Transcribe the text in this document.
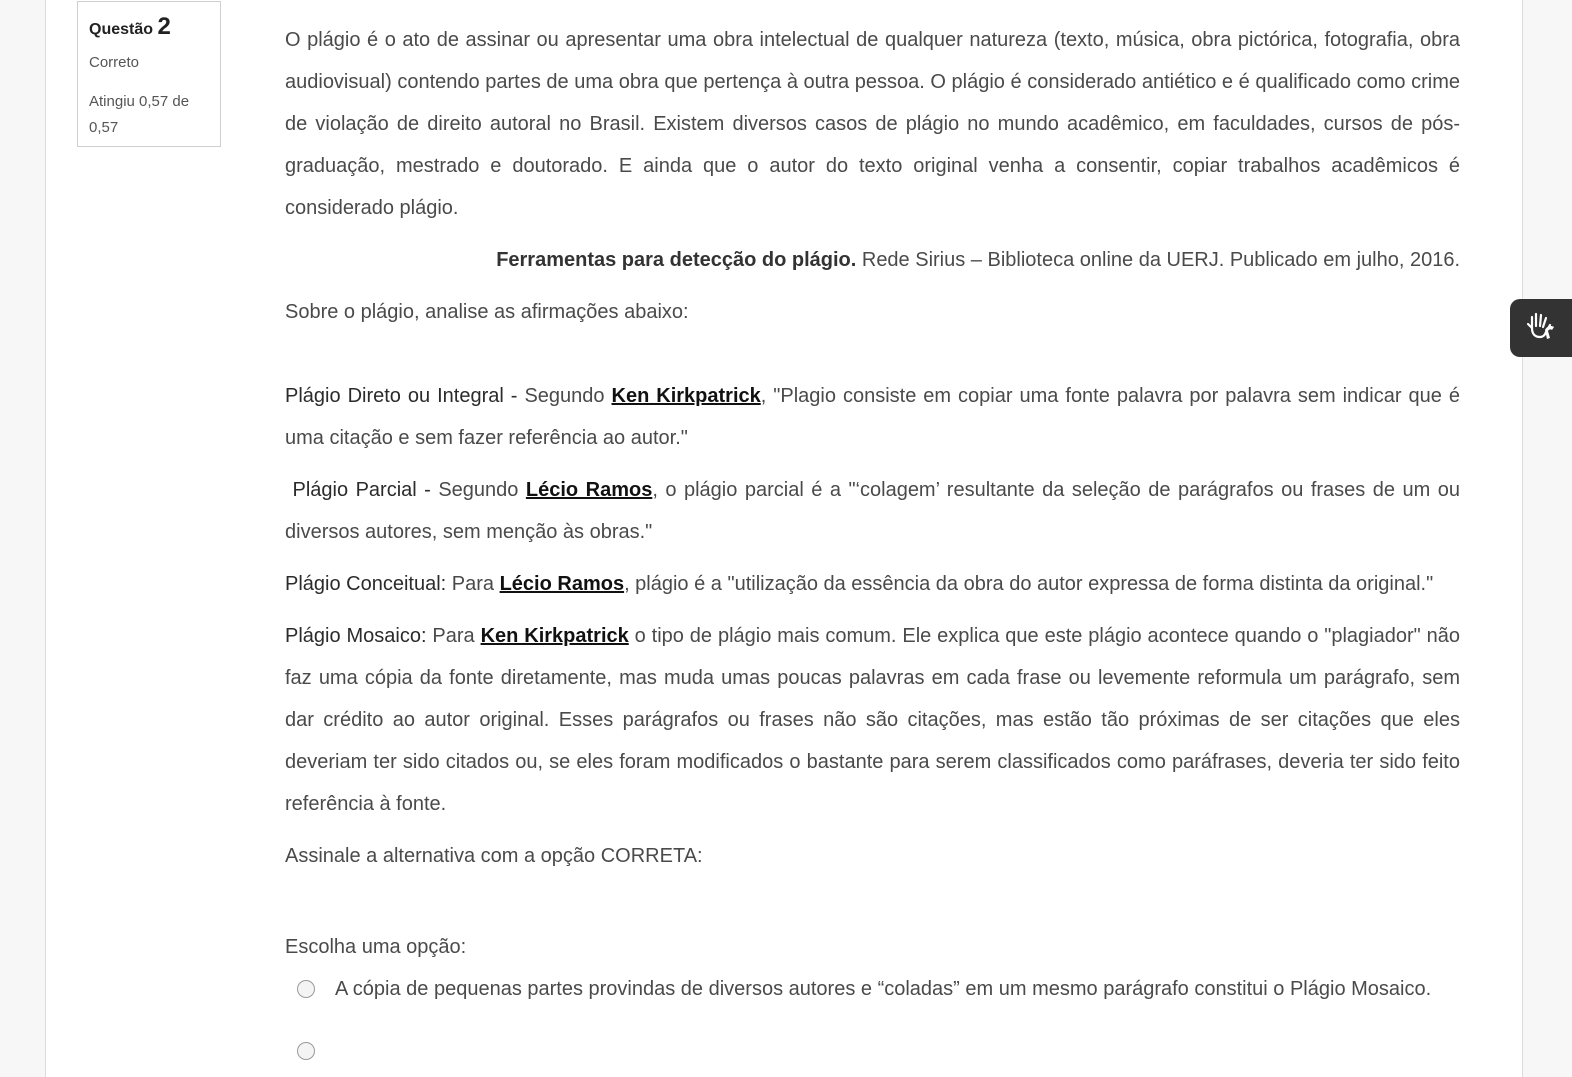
Questão 2

Correto
Atingiu 0,57 de 0,57

O plágio é o ato de assinar ou apresentar uma obra intelectual de qualquer natureza (texto, música, obra pictórica, fotografia, obra audiovisual) contendo partes de uma obra que pertença à outra pessoa. O plágio é considerado antiético e é qualificado como crime de violação de direito autoral no Brasil. Existem diversos casos de plágio no mundo acadêmico, em faculdades, cursos de pós-graduação, mestrado e doutorado. E ainda que o autor do texto original venha a consentir, copiar trabalhos acadêmicos é considerado plágio.

Ferramentas para detecção do plágio. Rede Sirius – Biblioteca online da UERJ. Publicado em julho, 2016.

Sobre o plágio, analise as afirmações abaixo:

Plágio Direto ou Integral - Segundo Ken Kirkpatrick, "Plagio consiste em copiar uma fonte palavra por palavra sem indicar que é uma citação e sem fazer referência ao autor."

Plágio Parcial - Segundo Lécio Ramos, o plágio parcial é a "‘colagem’ resultante da seleção de parágrafos ou frases de um ou diversos autores, sem menção às obras."

Plágio Conceitual: Para Lécio Ramos, plágio é a "utilização da essência da obra do autor expressa de forma distinta da original."

Plágio Mosaico: Para Ken Kirkpatrick o tipo de plágio mais comum. Ele explica que este plágio acontece quando o "plagiador" não faz uma cópia da fonte diretamente, mas muda umas poucas palavras em cada frase ou levemente reformula um parágrafo, sem dar crédito ao autor original. Esses parágrafos ou frases não são citações, mas estão tão próximas de ser citações que eles deveriam ter sido citados ou, se eles foram modificados o bastante para serem classificados como paráfrases, deveria ter sido feito referência à fonte.

Assinale a alternativa com a opção CORRETA:

Escolha uma opção:
A cópia de pequenas partes provindas de diversos autores e “coladas” em um mesmo parágrafo constitui o Plágio Mosaico.
